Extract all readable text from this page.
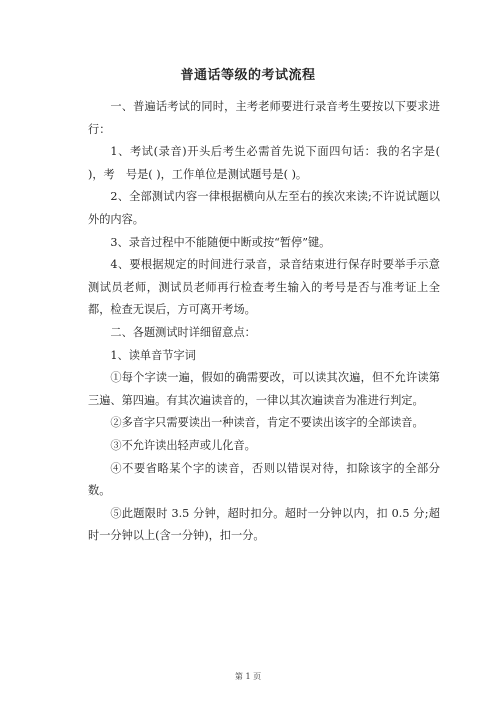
普通话等级的考试流程

一、普遍话考试的同时，主考老师要进行录音考生要按以下要求进行：

1、考试(录音)开头后考生必需首先说下面四句话：我的名字是( )，考　号是( )，工作单位是测试题号是( )。

2、全部测试内容一律根据横向从左至右的挨次来读;不许说试题以外的内容。

3、录音过程中不能随便中断或按“暂停”键。

4、要根据规定的时间进行录音，录音结束进行保存时要举手示意测试员老师，测试员老师再行检查考生输入的考号是否与准考证上全都，检查无误后，方可离开考场。

二、各题测试时详细留意点：

1、读单音节字词

①每个字读一遍，假如的确需要改，可以读其次遍，但不允许读第三遍、第四遍。有其次遍读音的，一律以其次遍读音为准进行判定。

②多音字只需要读出一种读音，肯定不要读出该字的全部读音。

③不允许读出轻声或儿化音。

④不要省略某个字的读音，否则以错误对待，扣除该字的全部分数。

⑤此题限时 3.5 分钟，超时扣分。超时一分钟以内，扣 0.5 分;超时一分钟以上(含一分钟)，扣一分。

第 1 页
